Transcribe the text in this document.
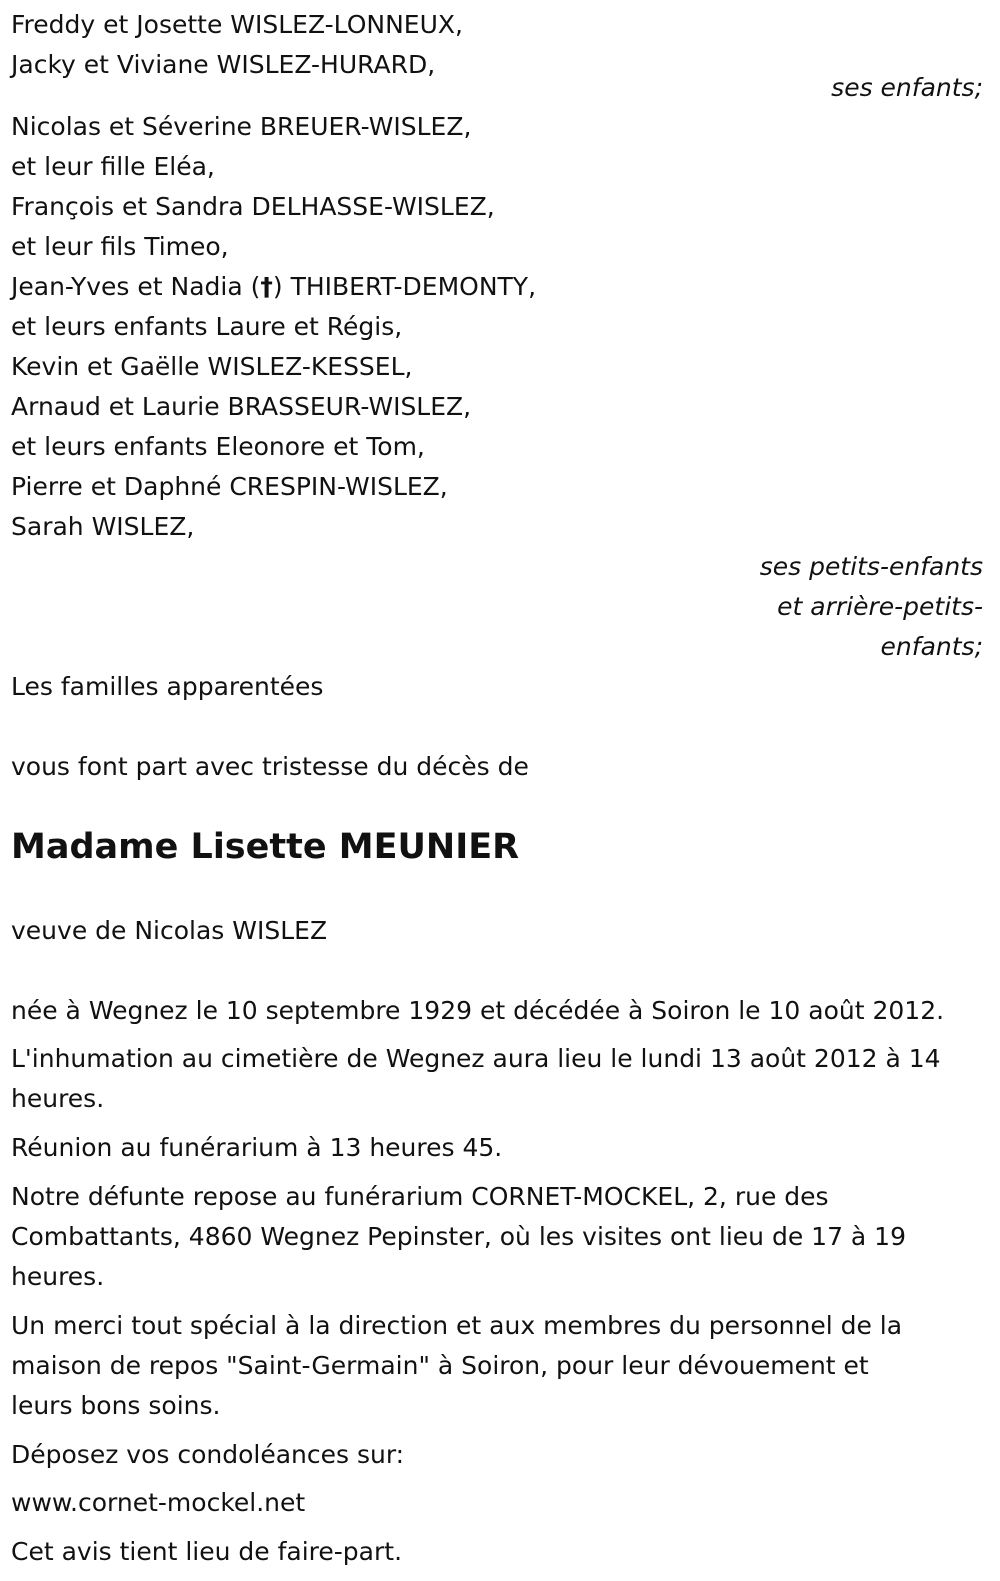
Freddy et Josette WISLEZ-LONNEUX,
Jacky et Viviane WISLEZ-HURARD,
ses enfants;
Nicolas et Séverine BREUER-WISLEZ,
et leur fille Eléa,
François et Sandra DELHASSE-WISLEZ,
et leur fils Timeo,
Jean-Yves et Nadia (†) THIBERT-DEMONTY,
et leurs enfants Laure et Régis,
Kevin et Gaëlle WISLEZ-KESSEL,
Arnaud et Laurie BRASSEUR-WISLEZ,
et leurs enfants Eleonore et Tom,
Pierre et Daphné CRESPIN-WISLEZ,
Sarah WISLEZ,
ses petits-enfants
et arrière-petits-
enfants;
Les familles apparentées
vous font part avec tristesse du décès de
Madame Lisette MEUNIER
veuve de Nicolas WISLEZ
née à Wegnez le 10 septembre 1929 et décédée à Soiron le 10 août 2012.
L'inhumation au cimetière de Wegnez aura lieu le lundi 13 août 2012 à 14
heures.
Réunion au funérarium à 13 heures 45.
Notre défunte repose au funérarium CORNET-MOCKEL, 2, rue des
Combattants, 4860 Wegnez Pepinster, où les visites ont lieu de 17 à 19
heures.
Un merci tout spécial à la direction et aux membres du personnel de la
maison de repos "Saint-Germain" à Soiron, pour leur dévouement et
leurs bons soins.
Déposez vos condoléances sur:
www.cornet-mockel.net
Cet avis tient lieu de faire-part.
